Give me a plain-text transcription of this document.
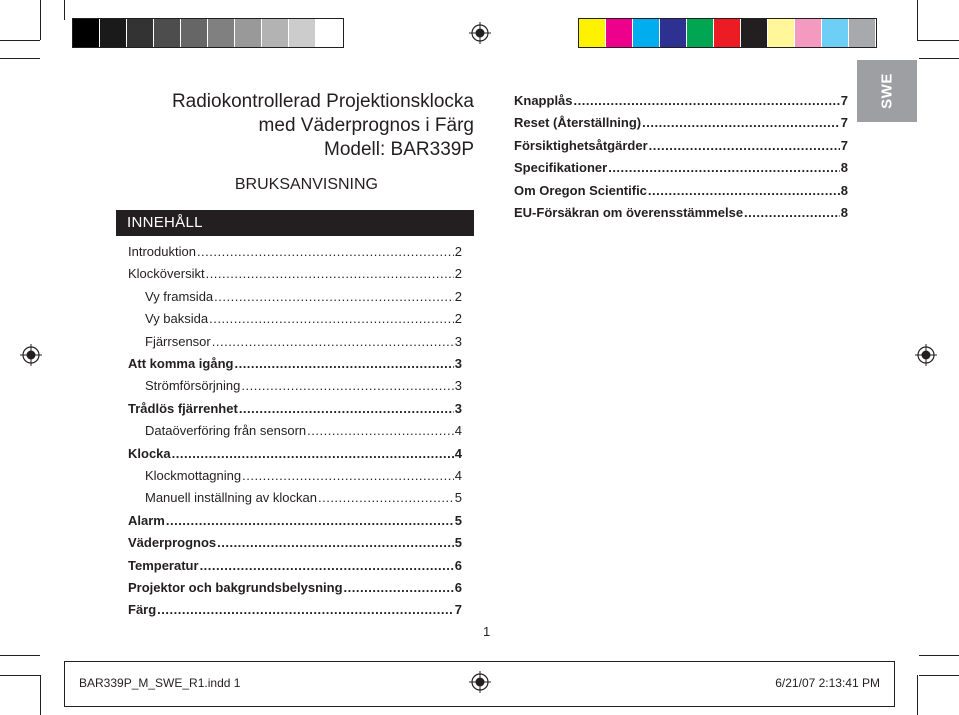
SWE
Radiokontrollerad Projektionsklocka
med Väderprognos i Färg
Modell: BAR339P
BRUKSANVISNING
INNEHÅLL
Introduktion .....	2
Klocköversikt .....	2
Vy framsida .....	2
Vy baksida .....	2
Fjärrsensor .....	3
Att komma igång .....	3
Strömförsörjning .....	3
Trådlös fjärrenhet .....	3
Dataöverföring från sensorn .....	4
Klocka .....	4
Klockmottagning .....	4
Manuell inställning av klockan .....	5
Alarm .....	5
Väderprognos .....	5
Temperatur .....	6
Projektor och bakgrundsbelysning .....	6
Färg .....	7
Knapplås .....	7
Reset (Återställning) .....	7
Försiktighetsåtgärder .....	7
Specifikationer .....	8
Om Oregon Scientific .....	8
EU-Försäkran om överensstämmelse .....	8
1
BAR339P_M_SWE_R1.indd 1	6/21/07 2:13:41 PM
